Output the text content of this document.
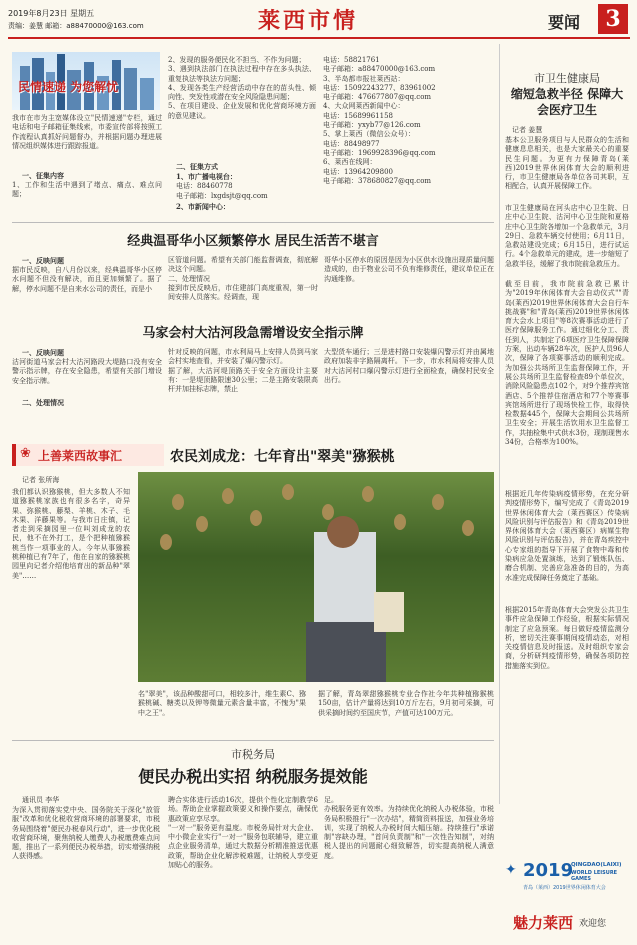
2019年8月23日 星期五
责编：姜慧 邮箱：a88470000@163.com	莱西市情	要闻	3
民情速递 为您解忧
我市在市为主宽媒体设立"民情速递"专栏，通过电话和电子邮箱征集线索，市委宣传部将按照工作流程认真抓好问题督办，并根据问题办理进展情况组织媒体进行跟踪报道。
一、征集内容
1、工作和生活中遇到了堵点、痛点、难点问题；
2、发现的服务便民化不担当、不作为问题；
3、遇到执法部门在执法过程中存在多头执法、重复执法等执法方问题；
4、发现各类生产经营活动中存在的苗头性、倾向性、突发性或潜在安全风险隐患问题；
5、在项目建设、企业发展和优化营商环境方面的意见建议。
二、征集方式
1、市广播电视台：
电话：88460778
电子邮箱：lxgdsjt@qq.com
2、市新闻中心：
电话：58821761
电子邮箱：a88470000@163.com
3、半岛都市报社莱西站：
电话：15092243277、83961002
电子邮箱：476677807@qq.com
4、大众网莱西新闻中心：
电话：15689961158
电子邮箱：yxyb77@126.com
5、掌上莱西（微信公众号）：
电话：88498977
电子邮箱：1969928396@qq.com
6、莱西在线网：
电话：13964209800
电子邮箱：378680827@qq.com
经典温哥华小区频繁停水 居民生活苦不堪言
一、反映问题
据市民反映，自八月份以来，经典温哥华小区停水问题不但没有解决，而且更加频繁了。据了解，停水问题不是自来水公司的责任，而是小
区管道问题。希望有关部门能监督调查，彻底解决这个问题。
二、处理情况
接到市民反映后，市住建部门高度重视，第一时间安排人员落实。经调查，现
哥华小区停水的原因是因为小区供水设施出现质量问题造成的，由于物业公司不负有维修责任，建议单位正在沟通维修。
马家会村大沽河段急需增设安全指示牌
一、反映问题
沽河街道马家会村大沽河路段大堤路口没有安全警示指示牌，存在安全隐患，希望有关部门增设安全指示牌。
二、处理情况
针对反映的问题，市水利局马上安排人员到马家会村实地查看，并安装了爆闪警示灯。
据了解，大沽河堤顶路关于安全方面设计主要有：一是堤顶路限速30公里；二是主路安装限高杆并加挂标志牌，禁止
大型货车通行；三是进村路口安装爆闪警示灯并由属地政府加装非字路隔离杆。下一步，市水利局将安排人员对大沽河村口爆闪警示灯进行全面检查，确保村民安全出行。
❀ 上善莱西故事汇	农民刘成龙：七年育出"翠美"猕猴桃
记者 张所海
我们都认识猕猴桃，但大多数人不知道猕猴桃家族也有很多名字，奇异果、弥猴桃、藤梨、羊桃、木子、毛木果、洋藤果等。与我市日庄镇，记者走到采摘园里一位叫刘成龙的农民，他不在外打工，是个把种植猕猴桃当作一项事业的人。今年从事猕猴桃种植已有7年了，他在自家的猕猴桃园里向记者介绍他培育出的新品种"翠美"……
名"翠美"，该品种酸甜可口，相较多汁，维生素C、猕猴桃碱、糖类以及钾等微量元素含量丰富，不愧为"果中之王"。
据了解，青岛翠甜猕猴桃专业合作社今年共种植猕猴桃150亩，估计产量将达到10万斤左右，9月初可采摘，可供采摘时间约至国庆节，产值可达100万元。
市卫生健康局
缩短急救半径 保障大会医疗卫生
记者 姜慧
基本公卫服务项目与人民群众的生活和健康息息相关，也是大家最关心的重要民生问题。为更有力保障青岛(莱西)2019世界休闲体育大会的顺利进行，市卫生健康局各单位各司其职，互相配合，认真开展保障工作。
市卫生健康局在河头店中心卫生院、日庄中心卫生院、沽河中心卫生院和夏格庄中心卫生院各增加一个急救单元，3月29日、急救车辆交付使用；6月11日，急救站建设完成；6月15日，进行试运行。4个急救单元的建成，进一步缩短了急救半径，缓解了我市院前急救压力。
截至目前，我市院前急救已累计为"2019年休闲体育大会自动仪式""青岛(莱西)2019世界休闲体育大会自行车挑战赛"和"青岛(莱西)2019世界休闲体育大会水上项目"等8次赛事活动进行了医疗保障服务工作。通过细化分工、责任到人，共制定了6项医疗卫生保障保障方案，出动车辆28车次，医护人员96人次，保障了各项赛事活动的顺利完成。为加强公共场所卫生监督保障工作，开展公共场所卫生监督检查89个单位次，消除风险隐患点102个，对9个推荐宾馆酒店、5个推荐住宿酒店和77个等赛事宾馆场所进行了现场快检工作，取得快检数据445个，保障大会期间公共场所卫生安全；开展生活饮用水卫生监督工作，共抽检集中式供水3份，现制现售水34份，合格率为100%。
根据近几年传染病疫情形势，在充分研判疫情形势下，编写完成了《青岛2019世界休闲体育大会（莱西赛区）传染病风险识别与评估报告》和《青岛2019世界休闲体育大会（莱西赛区）病媒生物风险识别与评估报告》，并在青岛疾控中心专家组的指导下开展了食物中毒和传染病应急处置演练，达到了锻炼队伍、磨合机制、完善应急准备的目的，为高水准完成保障任务奠定了基础。
根据2015年青岛体育大会突发公共卫生事件应急保障工作经验，根据实际情况制定了应急预案。每日做好疫情监测分析，密切关注赛事期间疫情动态，对相关疫情信息及时报送。及时组织专家会商，分析研判疫情形势，确保各项防控措施落实到位。
市税务局
便民办税出实招 纳税服务提效能
通讯员 李华
为深入贯彻落实党中央、国务院关于深化"放管服"改革和优化税收营商环境的部署要求，市税务局围绕着"便民办税春风行动"，进一步优化税收营商环境，聚焦纳税人缴费人办税缴费难点问题，推出了一系列便民办税举措，切实增强纳税人获得感。
聘合实体进行活动16次，提供个性化定制教学6场。帮助企业掌握政策要义和操作要点，确保优惠政策应享尽享。
"一对一"服务更有温度。市税务局针对大企业、中小微企业实行"一对一"服务包联辅导，建立重点企业服务清单，通过大数据分析精准推送优惠政策，帮助企业化解涉税难题，让纳税人享受更加贴心的服务。
足。
办税服务更有效率。为持续优化纳税人办税体验，市税务局积极推行"一次办结"，精简资料报送，加强业务培训，实现了纳税人办税时间大幅压缩。持续推行"承诺制"容缺办理，"首问负责制"和"一次性告知制"，对纳税人提出的问题耐心细致解答，切实提高纳税人满意度。
✦ 2019
QINGDAO(LAIXI)
WORLD LEISURE GAMES
青岛（莱西）2019世界休闲体育大会
魅力莱西 欢迎您
